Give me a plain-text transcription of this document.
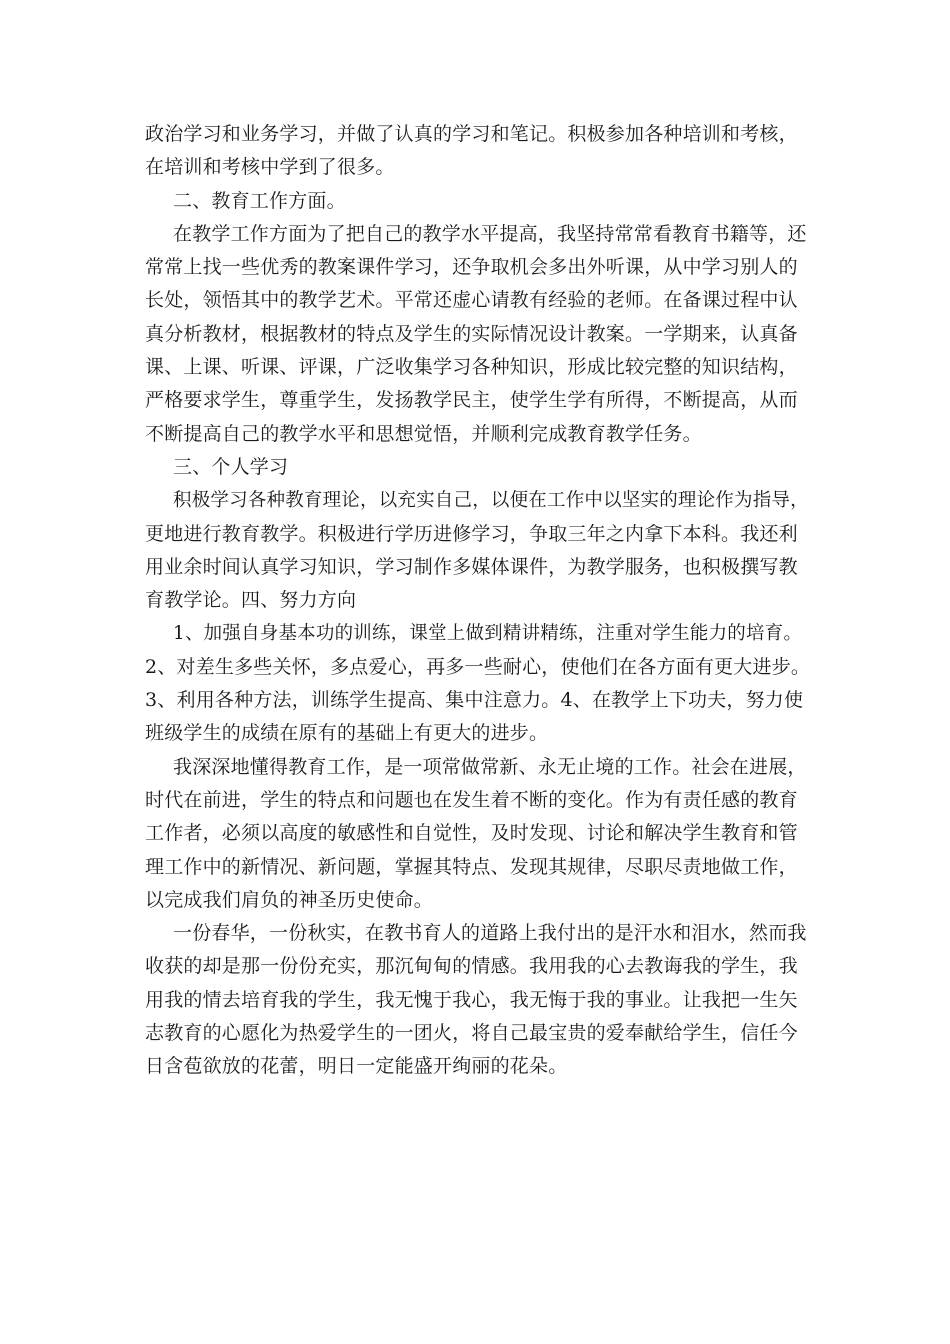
政治学习和业务学习，并做了认真的学习和笔记。积极参加各种培训和考核，
在培训和考核中学到了很多。
二、教育工作方面。
在教学工作方面为了把自己的教学水平提高，我坚持常常看教育书籍等，还
常常上找一些优秀的教案课件学习，还争取机会多出外听课，从中学习别人的
长处，领悟其中的教学艺术。平常还虚心请教有经验的老师。在备课过程中认
真分析教材，根据教材的特点及学生的实际情况设计教案。一学期来，认真备
课、上课、听课、评课，广泛收集学习各种知识，形成比较完整的知识结构，
严格要求学生，尊重学生，发扬教学民主，使学生学有所得，不断提高，从而
不断提高自己的教学水平和思想觉悟，并顺利完成教育教学任务。
三、个人学习
积极学习各种教育理论，以充实自己，以便在工作中以坚实的理论作为指导，
更地进行教育教学。积极进行学历进修学习，争取三年之内拿下本科。我还利
用业余时间认真学习知识，学习制作多媒体课件，为教学服务，也积极撰写教
育教学论。四、努力方向
1、加强自身基本功的训练，课堂上做到精讲精练，注重对学生能力的培育。
2、对差生多些关怀，多点爱心，再多一些耐心，使他们在各方面有更大进步。
3、利用各种方法，训练学生提高、集中注意力。4、在教学上下功夫，努力使
班级学生的成绩在原有的基础上有更大的进步。
我深深地懂得教育工作，是一项常做常新、永无止境的工作。社会在进展，
时代在前进，学生的特点和问题也在发生着不断的变化。作为有责任感的教育
工作者，必须以高度的敏感性和自觉性，及时发现、讨论和解决学生教育和管
理工作中的新情况、新问题，掌握其特点、发现其规律，尽职尽责地做工作，
以完成我们肩负的神圣历史使命。
一份春华，一份秋实，在教书育人的道路上我付出的是汗水和泪水，然而我
收获的却是那一份份充实，那沉甸甸的情感。我用我的心去教诲我的学生，我
用我的情去培育我的学生，我无愧于我心，我无悔于我的事业。让我把一生矢
志教育的心愿化为热爱学生的一团火，将自己最宝贵的爱奉献给学生，信任今
日含苞欲放的花蕾，明日一定能盛开绚丽的花朵。
